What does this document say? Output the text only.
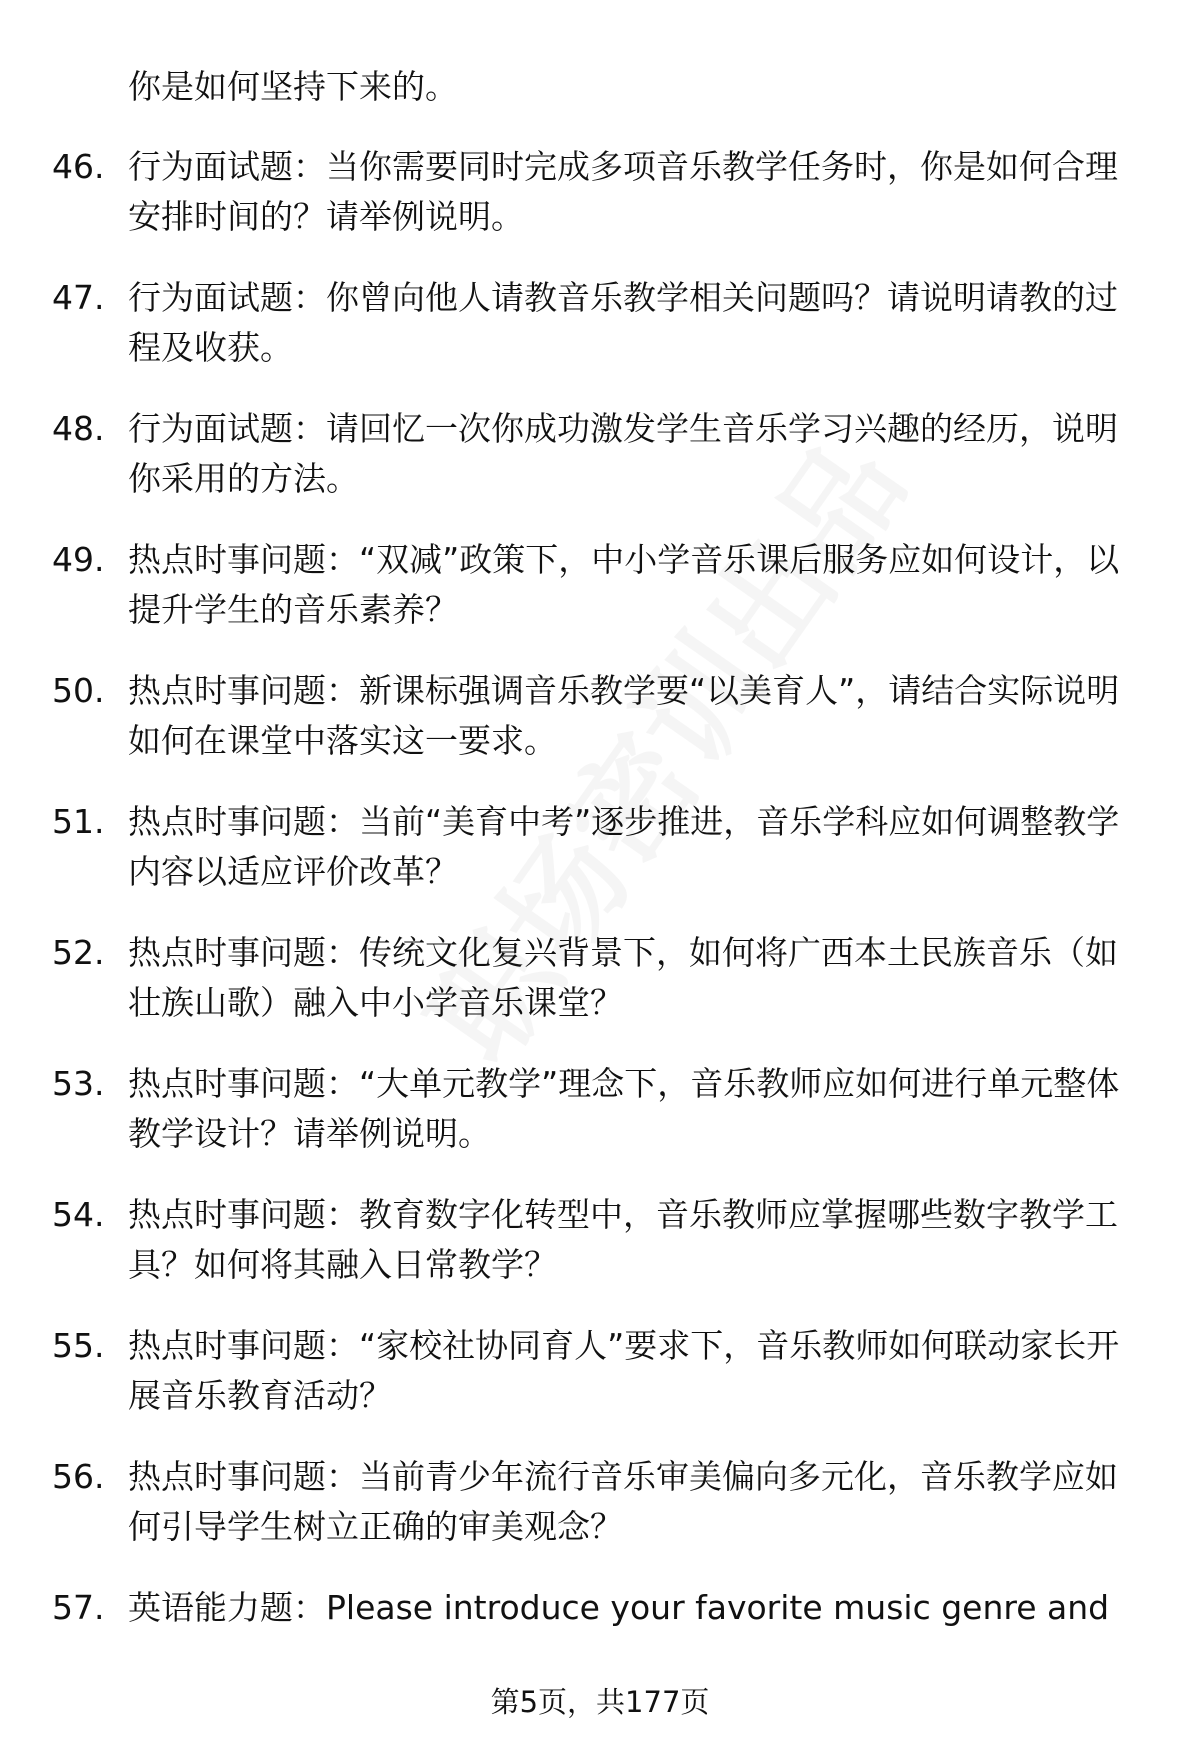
你是如何坚持下来的。

46. 行为面试题：当你需要同时完成多项音乐教学任务时，你是如何合理安排时间的？请举例说明。

47. 行为面试题：你曾向他人请教音乐教学相关问题吗？请说明请教的过程及收获。

48. 行为面试题：请回忆一次你成功激发学生音乐学习兴趣的经历，说明你采用的方法。

49. 热点时事问题：“双减”政策下，中小学音乐课后服务应如何设计，以提升学生的音乐素养？

50. 热点时事问题：新课标强调音乐教学要“以美育人”，请结合实际说明如何在课堂中落实这一要求。

51. 热点时事问题：当前“美育中考”逐步推进，音乐学科应如何调整教学内容以适应评价改革？

52. 热点时事问题：传统文化复兴背景下，如何将广西本土民族音乐（如壮族山歌）融入中小学音乐课堂？

53. 热点时事问题：“大单元教学”理念下，音乐教师应如何进行单元整体教学设计？请举例说明。

54. 热点时事问题：教育数字化转型中，音乐教师应掌握哪些数字教学工具？如何将其融入日常教学？

55. 热点时事问题：“家校社协同育人”要求下，音乐教师如何联动家长开展音乐教育活动？

56. 热点时事问题：当前青少年流行音乐审美偏向多元化，音乐教学应如何引导学生树立正确的审美观念？

57. 英语能力题：Please introduce your favorite music genre and

第5页，共177页
